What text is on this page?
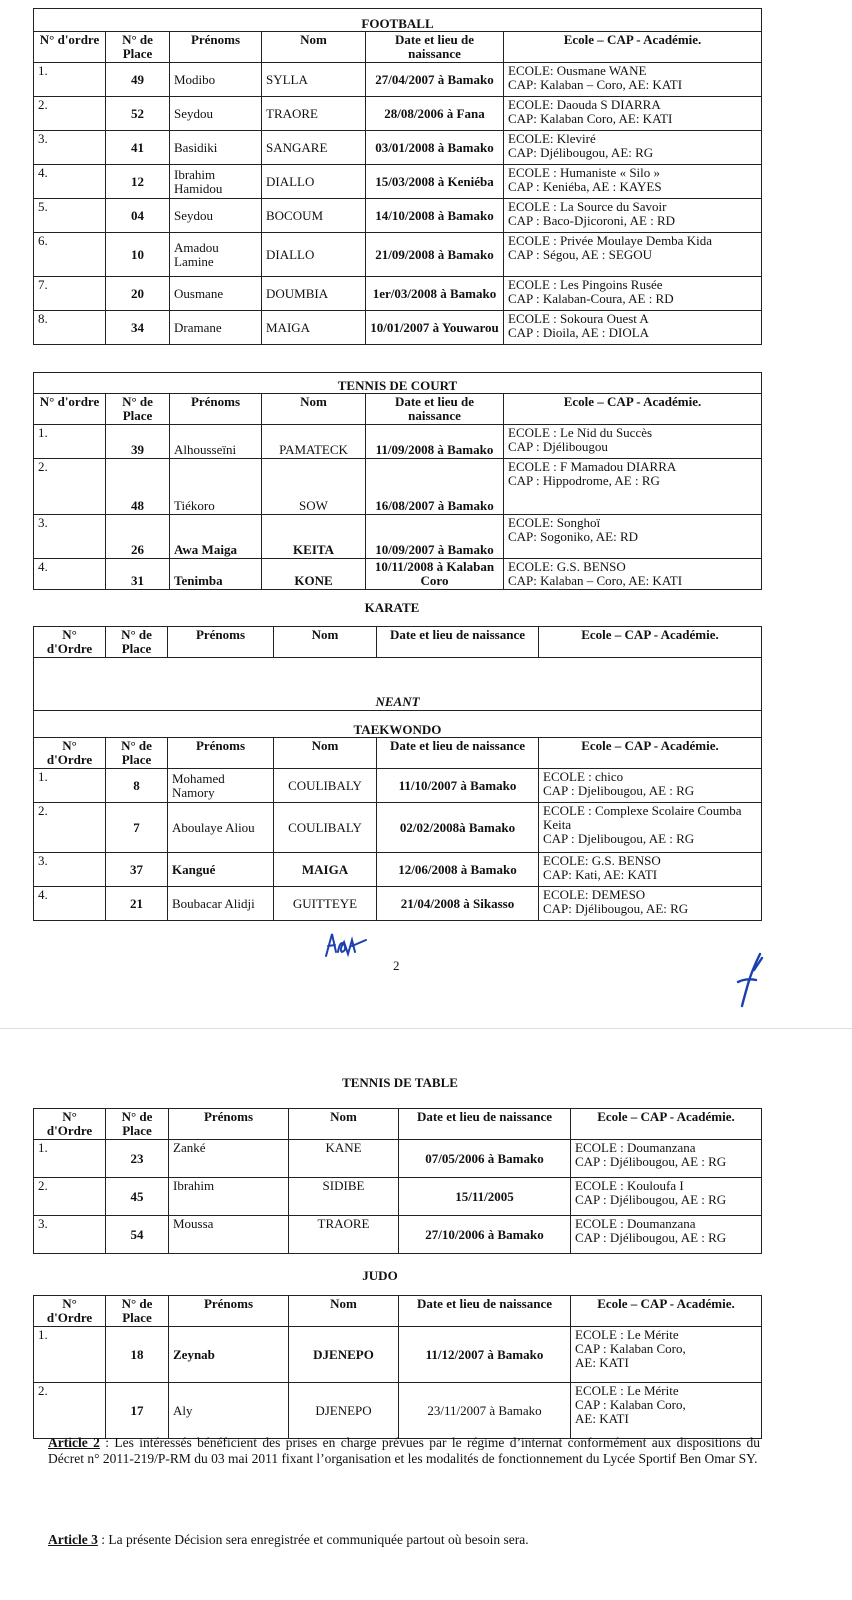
FOOTBALL					
N° d'ordre	N° de Place	Prénoms	Nom	Date et lieu de naissance	Ecole – CAP - Académie.
1.	49	Modibo	SYLLA	27/04/2007 à Bamako	ECOLE: Ousmane WANE
CAP: Kalaban – Coro, AE: KATI

2.	52	Seydou	TRAORE	28/08/2006 à Fana	ECOLE: Daouda S DIARRA
CAP: Kalaban Coro, AE: KATI

3.	41	Basidiki	SANGARE	03/01/2008 à Bamako	ECOLE: Kleviré
CAP: Djélibougou, AE: RG

4.	12	Ibrahim Hamidou	DIALLO	15/03/2008 à Keniéba	ECOLE : Humaniste « Silo »
CAP : Keniéba, AE : KAYES

5.	04	Seydou	BOCOUM	14/10/2008 à Bamako	ECOLE : La Source du Savoir
CAP : Baco-Djicoroni, AE : RD

6.	10	Amadou Lamine	DIALLO	21/09/2008 à Bamako	ECOLE : Privée Moulaye Demba Kida
CAP : Ségou, AE : SEGOU

7.	20	Ousmane	DOUMBIA	1er/03/2008 à Bamako	ECOLE : Les Pingoins Rusée
CAP : Kalaban-Coura, AE : RD

8.	34	Dramane	MAIGA	10/01/2007 à Youwarou	ECOLE : Sokoura Ouest A
CAP : Dioila, AE : DIOLA
TENNIS DE COURT					
N° d'ordre	N° de Place	Prénoms	Nom	Date et lieu de naissance	Ecole – CAP - Académie.
1.	39	Alhousseïni	PAMATECK	11/09/2008 à Bamako	ECOLE : Le Nid du Succès
CAP : Djélibougou

2.	48	Tiékoro	SOW	16/08/2007 à Bamako	ECOLE : F Mamadou DIARRA
CAP : Hippodrome, AE : RG

3.	26	Awa Maiga	KEITA	10/09/2007 à Bamako	ECOLE: Songhoï
CAP: Sogoniko, AE: RD

4.	31	Tenimba	KONE	10/11/2008 à Kalaban Coro	ECOLE: G.S. BENSO
CAP: Kalaban – Coro, AE: KATI
KARATE
N° d'Ordre	N° de Place	Prénoms	Nom	Date et lieu de naissance	Ecole – CAP - Académie.

NEANT					
TAEKWONDO					
N° d'Ordre	N° de Place	Prénoms	Nom	Date et lieu de naissance	Ecole – CAP - Académie.
1.	8	Mohamed Namory	COULIBALY	11/10/2007 à Bamako	ECOLE : chico
CAP : Djelibougou, AE : RG

2.	7	Aboulaye Aliou	COULIBALY	02/02/2008à Bamako	ECOLE : Complexe Scolaire Coumba Keita
CAP : Djelibougou, AE : RG

3.	37	Kangué	MAIGA	12/06/2008 à Bamako	ECOLE: G.S. BENSO
CAP: Kati, AE: KATI

4.	21	Boubacar Alidji	GUITTEYE	21/04/2008 à Sikasso	ECOLE: DEMESO
CAP: Djélibougou, AE: RG
2
TENNIS DE TABLE
N° d'Ordre	N° de Place	Prénoms	Nom	Date et lieu de naissance	Ecole – CAP - Académie.
1.	23	Zanké	KANE	07/05/2006 à Bamako	ECOLE : Doumanzana
CAP : Djélibougou, AE : RG

2.	45	Ibrahim	SIDIBE	15/11/2005	ECOLE : Kouloufa I
CAP : Djélibougou, AE : RG

3.	54	Moussa	TRAORE	27/10/2006 à Bamako	ECOLE : Doumanzana
CAP : Djélibougou, AE : RG
JUDO
N° d'Ordre	N° de Place	Prénoms	Nom	Date et lieu de naissance	Ecole – CAP - Académie.
1.	18	Zeynab	DJENEPO	11/12/2007 à Bamako	ECOLE : Le Mérite
CAP : Kalaban Coro,
AE: KATI

2.	17	Aly	DJENEPO	23/11/2007 à Bamako	ECOLE : Le Mérite
CAP : Kalaban Coro,
AE: KATI

Article 2 : Les intéressés bénéficient des prises en charge prévues par le régime d’internat conformément aux dispositions du Décret n° 2011-219/P-RM du 03 mai 2011 fixant l’organisation et les modalités de fonctionnement du Lycée Sportif Ben Omar SY.

Article 3 : La présente Décision sera enregistrée et communiquée partout où besoin sera.
